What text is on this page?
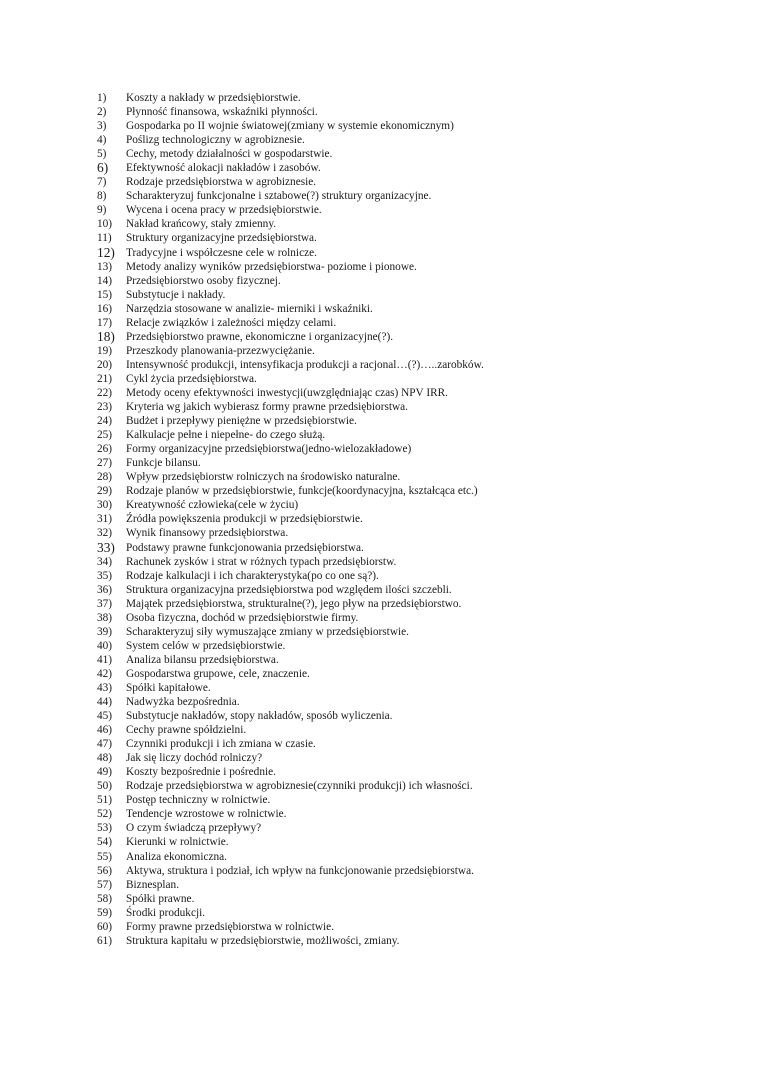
1)	Koszty a nakłady w przedsiębiorstwie.
2)	Płynność finansowa, wskaźniki płynności.
3)	Gospodarka po II wojnie światowej(zmiany w systemie ekonomicznym)
4)	Poślizg technologiczny w agrobiznesie.
5)	Cechy, metody działalności w gospodarstwie.
6)	Efektywność alokacji nakładów i zasobów.
7)	Rodzaje przedsiębiorstwa w agrobiznesie.
8)	Scharakteryzuj funkcjonalne i sztabowe(?) struktury organizacyjne.
9)	Wycena i ocena pracy w przedsiębiorstwie.
10)	Nakład krańcowy, stały zmienny.
11)	Struktury organizacyjne przedsiębiorstwa.
12) Tradycyjne i współczesne cele w rolnicze.
13)	Metody analizy wyników przedsiębiorstwa- poziome i pionowe.
14)	Przedsiębiorstwo osoby fizycznej.
15)	Substytucje i nakłady.
16)	Narzędzia stosowane w analizie- mierniki i wskaźniki.
17)	Relacje związków i zależności między celami.
18) Przedsiębiorstwo prawne, ekonomiczne i organizacyjne(?).
19)	Przeszkody planowania-przezwyciężanie.
20)	Intensywność produkcji, intensyfikacja produkcji a racjonal…(?)…..zarobków.
21)	Cykl życia przedsiębiorstwa.
22)	Metody oceny efektywności inwestycji(uwzględniając czas) NPV IRR.
23)	Kryteria wg jakich wybierasz formy prawne przedsiębiorstwa.
24)	Budżet i przepływy pieniężne w przedsiębiorstwie.
25)	Kalkulacje pełne i niepełne- do czego służą.
26)	Formy organizacyjne przedsiębiorstwa(jedno-wielozakładowe)
27)	Funkcje bilansu.
28)	Wpływ przedsiębiorstw rolniczych na środowisko naturalne.
29)	Rodzaje planów w przedsiębiorstwie, funkcje(koordynacyjna, kształcąca etc.)
30)	Kreatywność człowieka(cele w życiu)
31)	Źródła powiększenia produkcji w przedsiębiorstwie.
32)	Wynik finansowy przedsiębiorstwa.
33) Podstawy prawne funkcjonowania przedsiębiorstwa.
34)	Rachunek zysków i strat w różnych typach przedsiębiorstw.
35)	Rodzaje kalkulacji i ich charakterystyka(po co one są?).
36)	Struktura organizacyjna przedsiębiorstwa pod względem ilości szczebli.
37)	Majątek przedsiębiorstwa, strukturalne(?), jego pływ na przedsiębiorstwo.
38)	Osoba fizyczna, dochód w przedsiębiorstwie firmy.
39)	Scharakteryzuj siły wymuszające zmiany w przedsiębiorstwie.
40)	System celów w przedsiębiorstwie.
41)	Analiza bilansu przedsiębiorstwa.
42)	Gospodarstwa grupowe, cele, znaczenie.
43)	Spółki kapitałowe.
44)	Nadwyżka bezpośrednia.
45)	Substytucje nakładów, stopy nakładów, sposób wyliczenia.
46)	Cechy prawne spółdzielni.
47)	Czynniki produkcji i ich zmiana w czasie.
48)	Jak się liczy dochód rolniczy?
49)	Koszty bezpośrednie i pośrednie.
50)	Rodzaje przedsiębiorstwa w agrobiznesie(czynniki produkcji) ich własności.
51)	Postęp techniczny w rolnictwie.
52)	Tendencje wzrostowe w rolnictwie.
53)	O czym świadczą przepływy?
54)	Kierunki w rolnictwie.
55)	Analiza ekonomiczna.
56)	Aktywa, struktura i podział, ich wpływ na funkcjonowanie przedsiębiorstwa.
57)	Biznesplan.
58)	Spółki prawne.
59)	Środki produkcji.
60)	Formy prawne przedsiębiorstwa w rolnictwie.
61)	Struktura kapitału w przedsiębiorstwie, możliwości, zmiany.
